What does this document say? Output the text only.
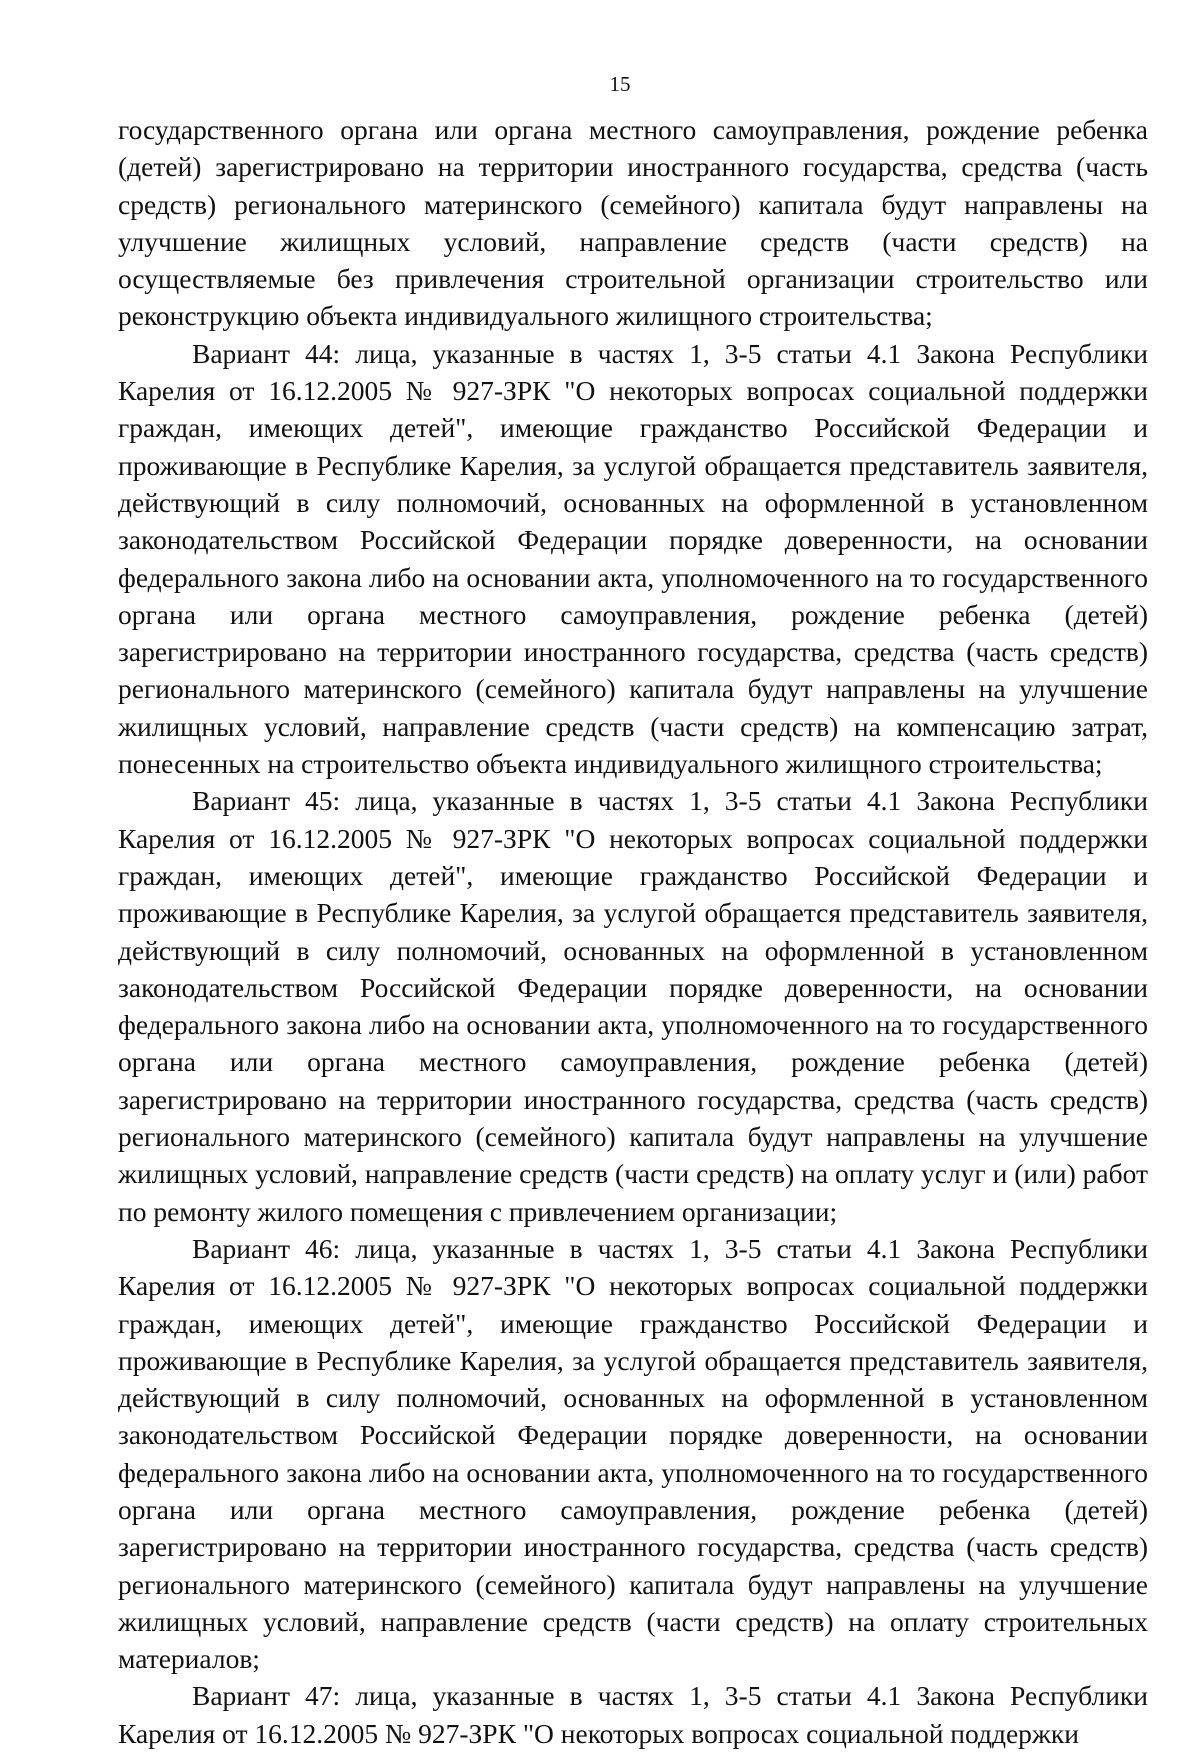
15

государственного органа или органа местного самоуправления, рождение ребенка (детей) зарегистрировано на территории иностранного государства, средства (часть средств) регионального материнского (семейного) капитала будут направлены на улучшение жилищных условий, направление средств (части средств) на осуществляемые без привлечения строительной организации строительство или реконструкцию объекта индивидуального жилищного строительства;

Вариант 44: лица, указанные в частях 1, 3-5 статьи 4.1 Закона Республики Карелия от 16.12.2005 № 927-ЗРК "О некоторых вопросах социальной поддержки граждан, имеющих детей", имеющие гражданство Российской Федерации и проживающие в Республике Карелия, за услугой обращается представитель заявителя, действующий в силу полномочий, основанных на оформленной в установленном законодательством Российской Федерации порядке доверенности, на основании федерального закона либо на основании акта, уполномоченного на то государственного органа или органа местного самоуправления, рождение ребенка (детей) зарегистрировано на территории иностранного государства, средства (часть средств) регионального материнского (семейного) капитала будут направлены на улучшение жилищных условий, направление средств (части средств) на компенсацию затрат, понесенных на строительство объекта индивидуального жилищного строительства;

Вариант 45: лица, указанные в частях 1, 3-5 статьи 4.1 Закона Республики Карелия от 16.12.2005 № 927-ЗРК "О некоторых вопросах социальной поддержки граждан, имеющих детей", имеющие гражданство Российской Федерации и проживающие в Республике Карелия, за услугой обращается представитель заявителя, действующий в силу полномочий, основанных на оформленной в установленном законодательством Российской Федерации порядке доверенности, на основании федерального закона либо на основании акта, уполномоченного на то государственного органа или органа местного самоуправления, рождение ребенка (детей) зарегистрировано на территории иностранного государства, средства (часть средств) регионального материнского (семейного) капитала будут направлены на улучшение жилищных условий, направление средств (части средств) на оплату услуг и (или) работ по ремонту жилого помещения с привлечением организации;

Вариант 46: лица, указанные в частях 1, 3-5 статьи 4.1 Закона Республики Карелия от 16.12.2005 № 927-ЗРК "О некоторых вопросах социальной поддержки граждан, имеющих детей", имеющие гражданство Российской Федерации и проживающие в Республике Карелия, за услугой обращается представитель заявителя, действующий в силу полномочий, основанных на оформленной в установленном законодательством Российской Федерации порядке доверенности, на основании федерального закона либо на основании акта, уполномоченного на то государственного органа или органа местного самоуправления, рождение ребенка (детей) зарегистрировано на территории иностранного государства, средства (часть средств) регионального материнского (семейного) капитала будут направлены на улучшение жилищных условий, направление средств (части средств) на оплату строительных материалов;

Вариант 47: лица, указанные в частях 1, 3-5 статьи 4.1 Закона Республики Карелия от 16.12.2005 № 927-ЗРК "О некоторых вопросах социальной поддержки
